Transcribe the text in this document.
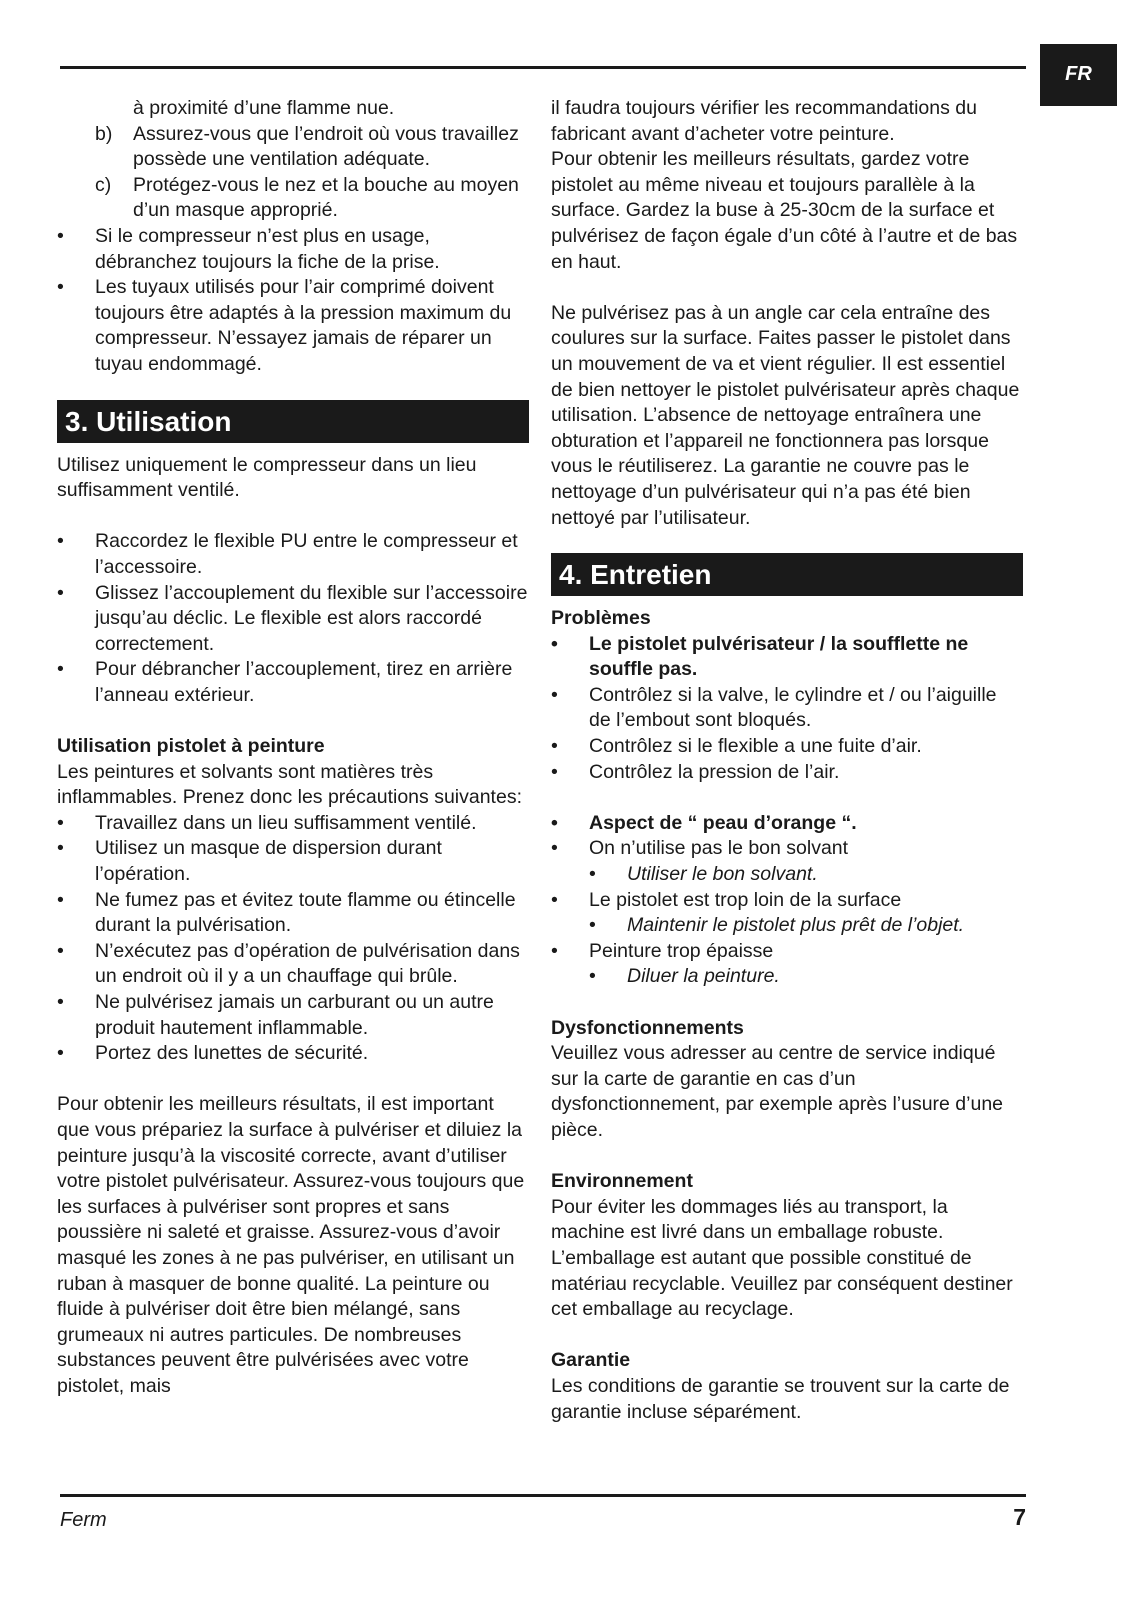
FR

à proximité d’une flamme nue.

b)	Assurez-vous que l’endroit où vous travaillez possède une ventilation adéquate.
c)	Protégez-vous le nez et la bouche au moyen d’un masque approprié.
•	Si le compresseur n’est plus en usage, débranchez toujours la fiche de la prise.
•	Les tuyaux utilisés pour l’air comprimé doivent toujours être adaptés à la pression maximum du compresseur. N’essayez jamais de réparer un tuyau endommagé.
3. Utilisation

Utilisez uniquement le compresseur dans un lieu suffisamment ventilé.

•	Raccordez le flexible PU entre le compresseur et l’accessoire.
•	Glissez l’accouplement du flexible sur l’accessoire jusqu’au déclic. Le flexible est alors raccordé correctement.
•	Pour débrancher l’accouplement, tirez en arrière l’anneau extérieur.

Utilisation pistolet à peinture

Les peintures et solvants sont matières très inflammables. Prenez donc les précautions suivantes:

•	Travaillez dans un lieu suffisamment ventilé.
•	Utilisez un masque de dispersion durant l’opération.
•	Ne fumez pas et évitez toute flamme ou étincelle durant la pulvérisation.
•	N’exécutez pas d’opération de pulvérisation dans un endroit où il y a un chauffage qui brûle.
•	Ne pulvérisez jamais un carburant ou un autre produit hautement inflammable.
•	Portez des lunettes de sécurité.

Pour obtenir les meilleurs résultats, il est important que vous prépariez la surface à pulvériser et diluiez la peinture jusqu’à la viscosité correcte, avant d’utiliser votre pistolet pulvérisateur. Assurez-vous toujours que les surfaces à pulvériser sont propres et sans poussière ni saleté et graisse. Assurez-vous d’avoir masqué les zones à ne pas pulvériser, en utilisant un ruban à masquer de bonne qualité. La peinture ou fluide à pulvériser doit être bien mélangé, sans grumeaux ni autres particules. De nombreuses substances peuvent être pulvérisées avec votre pistolet, mais

il faudra toujours vérifier les recommandations du fabricant avant d’acheter votre peinture.

Pour obtenir les meilleurs résultats, gardez votre pistolet au même niveau et toujours parallèle à la surface. Gardez la buse à 25-30cm de la surface et pulvérisez de façon égale d’un côté à l’autre et de bas en haut.

Ne pulvérisez pas à un angle car cela entraîne des coulures sur la surface. Faites passer le pistolet dans un mouvement de va et vient régulier. Il est essentiel de bien nettoyer le pistolet pulvérisateur après chaque utilisation. L’absence de nettoyage entraînera une obturation et l’appareil ne fonctionnera pas lorsque vous le réutiliserez. La garantie ne couvre pas le nettoyage d’un pulvérisateur qui n’a pas été bien nettoyé par l’utilisateur.

4. Entretien

Problèmes

•	Le pistolet pulvérisateur / la soufflette ne souffle pas.
•	Contrôlez si la valve, le cylindre et / ou l’aiguille de l’embout sont bloqués.
•	Contrôlez si le flexible a une fuite d’air.
•	Contrôlez la pression de l’air.
•	Aspect de “ peau d’orange “.
•	On n’utilise pas le bon solvant
•	Utiliser le bon solvant.
•	Le pistolet est trop loin de la surface
•	Maintenir le pistolet plus prêt de l’objet.
•	Peinture trop épaisse
•	Diluer la peinture.

Dysfonctionnements

Veuillez vous adresser au centre de service indiqué sur la carte de garantie en cas d’un dysfonctionnement, par exemple après l’usure d’une pièce.

Environnement

Pour éviter les dommages liés au transport, la machine est livré dans un emballage robuste. L’emballage est autant que possible constitué de matériau recyclable. Veuillez par conséquent destiner cet emballage au recyclage.

Garantie

Les conditions de garantie se trouvent sur la carte de garantie incluse séparément.

Ferm	7
